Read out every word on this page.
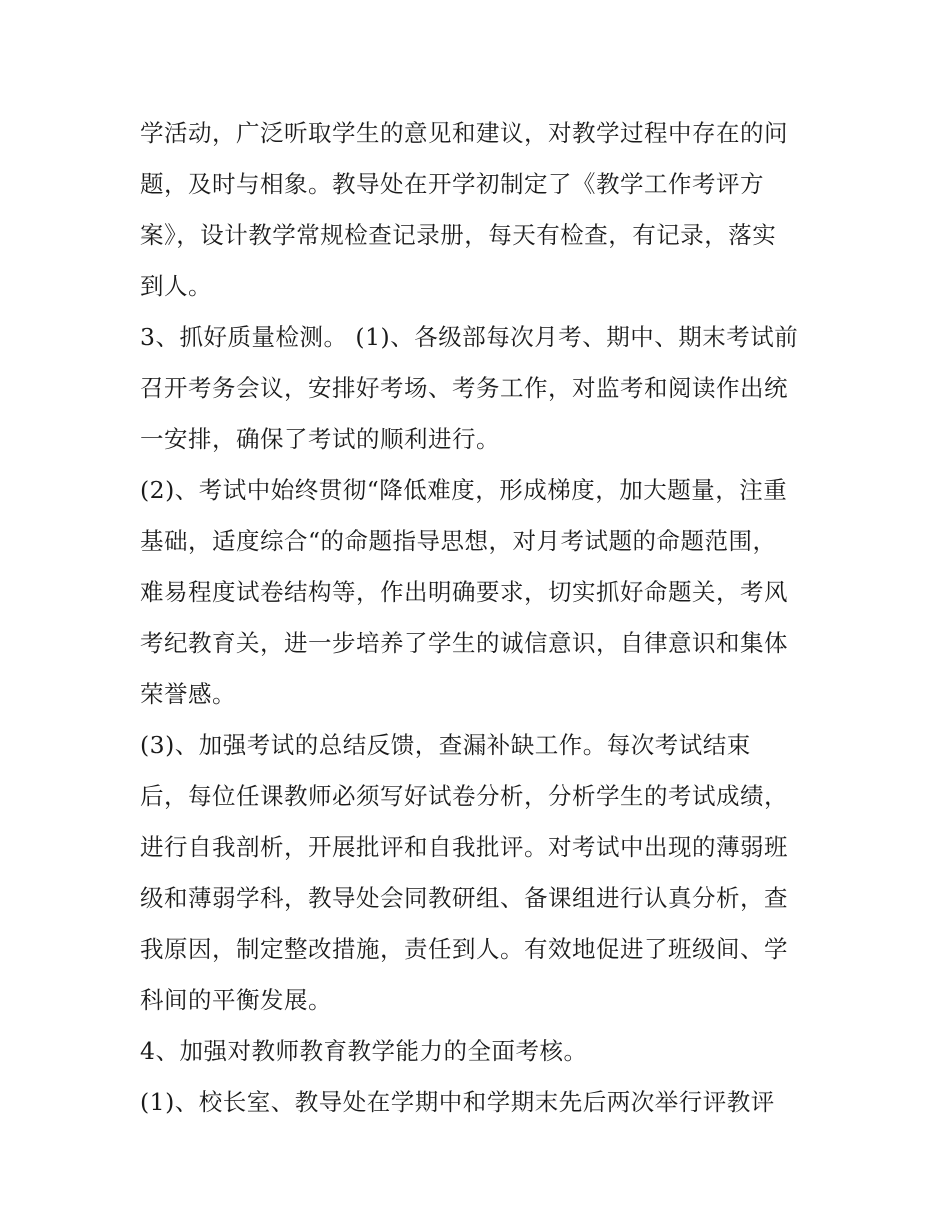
学活动，广泛听取学生的意见和建议，对教学过程中存在的问
题，及时与相象。教导处在开学初制定了《教学工作考评方
案》，设计教学常规检查记录册，每天有检查，有记录，落实
到人。
3、抓好质量检测。 (1)、各级部每次月考、期中、期末考试前
召开考务会议，安排好考场、考务工作，对监考和阅读作出统
一安排，确保了考试的顺利进行。
(2)、考试中始终贯彻“降低难度，形成梯度，加大题量，注重
基础，适度综合“的命题指导思想，对月考试题的命题范围，
难易程度试卷结构等，作出明确要求，切实抓好命题关，考风
考纪教育关，进一步培养了学生的诚信意识，自律意识和集体
荣誉感。
(3)、加强考试的总结反馈，查漏补缺工作。每次考试结束
后，每位任课教师必须写好试卷分析，分析学生的考试成绩，
进行自我剖析，开展批评和自我批评。对考试中出现的薄弱班
级和薄弱学科，教导处会同教研组、备课组进行认真分析，查
我原因，制定整改措施，责任到人。有效地促进了班级间、学
科间的平衡发展。
4、加强对教师教育教学能力的全面考核。
(1)、校长室、教导处在学期中和学期末先后两次举行评教评
